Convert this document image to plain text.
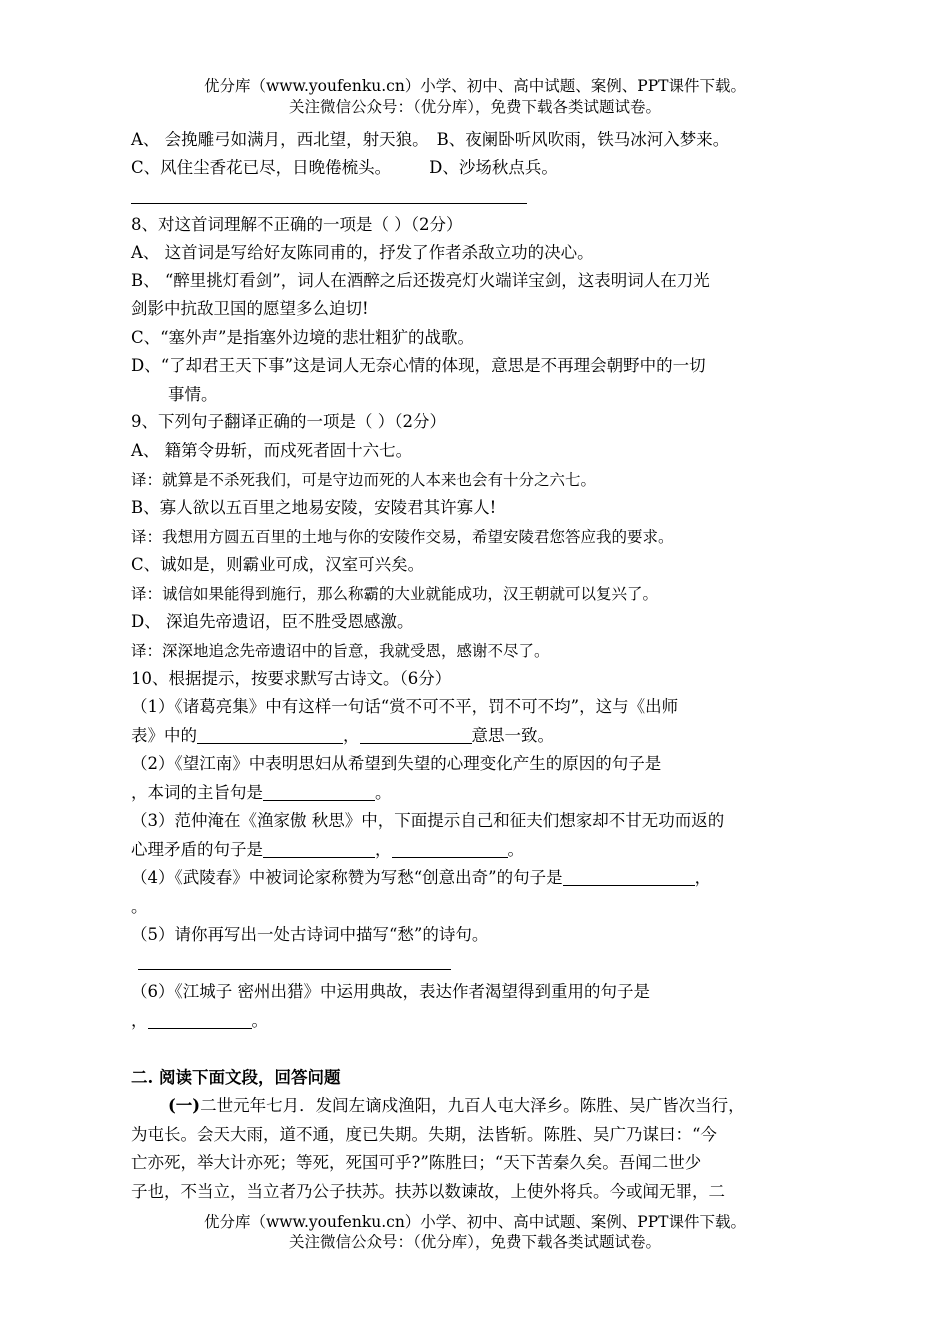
优分库（www.youfenku.cn）小学、初中、高中试题、案例、PPT课件下载。
关注微信公众号：（优分库），免费下载各类试题试卷。
A、 会挽雕弓如满月，西北望，射天狼。 B、夜阑卧听风吹雨，铁马冰河入梦来。
C、风住尘香花已尽，日晚倦梳头。 D、沙场秋点兵。
8、对这首词理解不正确的一项是（ ）（2分）
A、 这首词是写给好友陈同甫的，抒发了作者杀敌立功的决心。
B、 “醉里挑灯看剑”，词人在酒醉之后还拨亮灯火端详宝剑，这表明词人在刀光
剑影中抗敌卫国的愿望多么迫切!
C、“塞外声”是指塞外边境的悲壮粗犷的战歌。
D、“了却君王天下事”这是词人无奈心情的体现，意思是不再理会朝野中的一切
事情。
9、下列句子翻译正确的一项是（ ）（2分）
A、 籍第令毋斩，而戍死者固十六七。
译：就算是不杀死我们，可是守边而死的人本来也会有十分之六七。
B、寡人欲以五百里之地易安陵，安陵君其许寡人!
译：我想用方圆五百里的土地与你的安陵作交易，希望安陵君您答应我的要求。
C、诚如是，则霸业可成，汉室可兴矣。
译：诚信如果能得到施行，那么称霸的大业就能成功，汉王朝就可以复兴了。
D、 深追先帝遗诏，臣不胜受恩感激。
译：深深地追念先帝遗诏中的旨意，我就受恩，感谢不尽了。
10、根据提示，按要求默写古诗文。（6分）
（1）《诸葛亮集》中有这样一句话“赏不可不平，罚不可不均”，这与《出师
表》中的	，	意思一致。
（2）《望江南》中表明思妇从希望到失望的心理变化产生的原因的句子是
，本词的主旨句是	。
（3）范仲淹在《渔家傲 秋思》中，下面提示自己和征夫们想家却不甘无功而返的
心理矛盾的句子是	，	。
（4）《武陵春》中被词论家称赞为写愁“创意出奇”的句子是	，
。
（5）请你再写出一处古诗词中描写“愁”的诗句。
（6）《江城子 密州出猎》中运用典故，表达作者渴望得到重用的句子是
，	。
二. 阅读下面文段，回答问题
(一)二世元年七月．发闾左谪戍渔阳，九百人屯大泽乡。陈胜、吴广皆次当行，
为屯长。会天大雨，道不通，度已失期。失期，法皆斩。陈胜、吴广乃谋曰：“今
亡亦死，举大计亦死；等死，死国可乎?”陈胜曰；“天下苦秦久矣。吾闻二世少
子也，不当立，当立者乃公子扶苏。扶苏以数谏故，上使外将兵。今或闻无罪，二
优分库（www.youfenku.cn）小学、初中、高中试题、案例、PPT课件下载。
关注微信公众号：（优分库），免费下载各类试题试卷。
